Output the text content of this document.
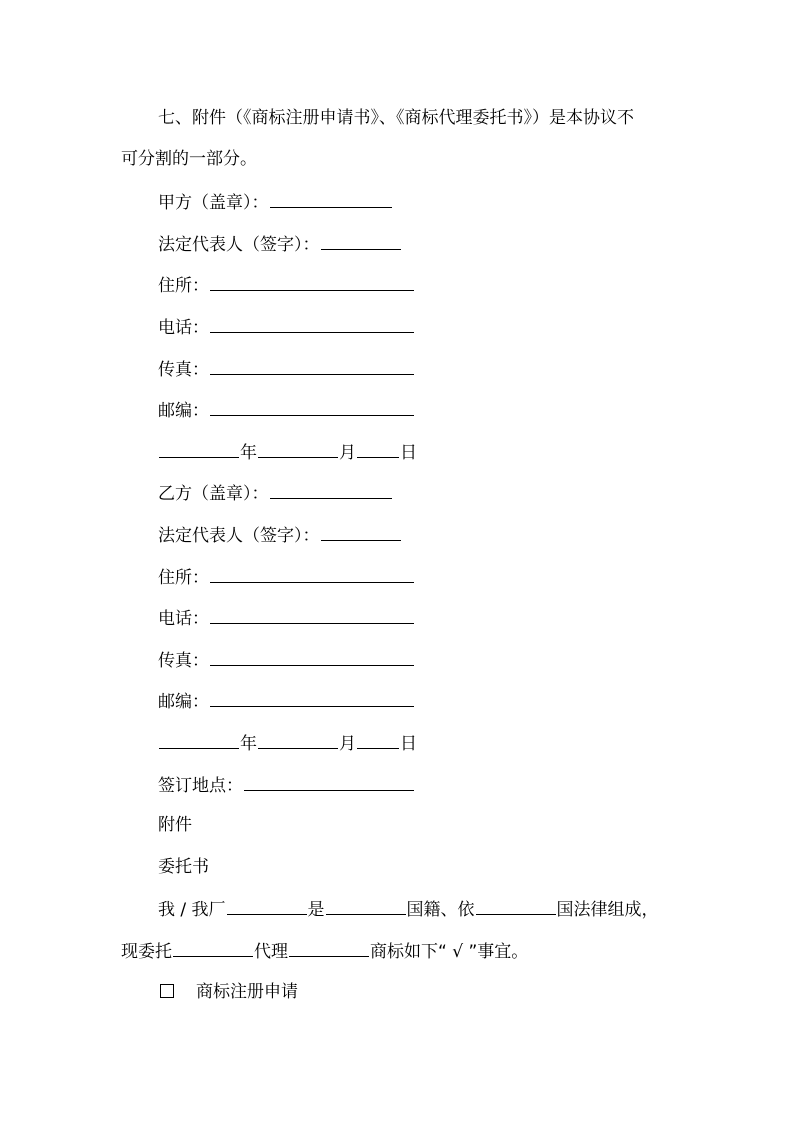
七、附件（《商标注册申请书》、《商标代理委托书》）是本协议不
可分割的一部分。
甲方（盖章）：
法定代表人（签字）：
住所：
电话：
传真：
邮编：
年	月	日
乙方（盖章）：
法定代表人（签字）：
住所：
电话：
传真：
邮编：
年	月	日
签订地点：
附件
委托书
我 / 我厂	是	国籍、依	国法律组成，
现委托	代理	商标如下“ √ ”事宜。
商标注册申请
